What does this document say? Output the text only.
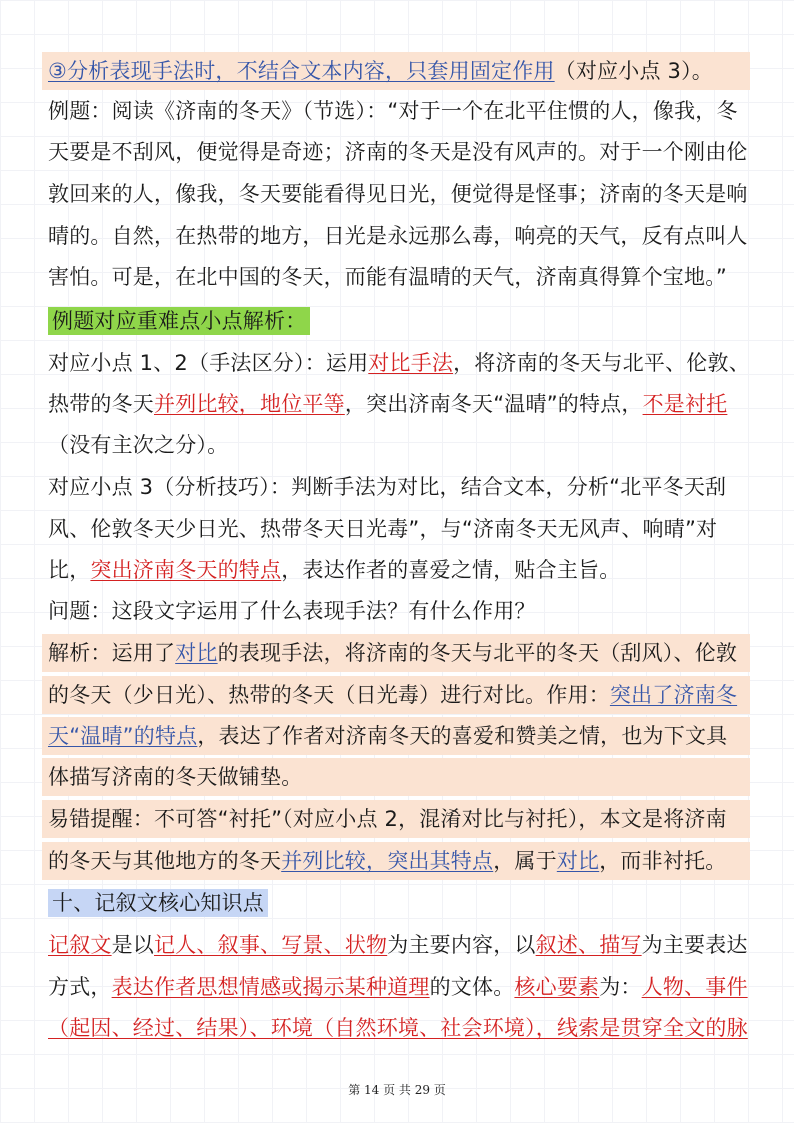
③分析表现手法时，不结合文本内容，只套用固定作用（对应小点 3）。
例题：阅读《济南的冬天》（节选）：“对于一个在北平住惯的人，像我，冬
天要是不刮风，便觉得是奇迹；济南的冬天是没有风声的。对于一个刚由伦
敦回来的人，像我，冬天要能看得见日光，便觉得是怪事；济南的冬天是响
晴的。自然，在热带的地方，日光是永远那么毒，响亮的天气，反有点叫人
害怕。可是，在北中国的冬天，而能有温晴的天气，济南真得算个宝地。”
例题对应重难点小点解析：
对应小点 1、2（手法区分）：运用对比手法，将济南的冬天与北平、伦敦、
热带的冬天并列比较，地位平等，突出济南冬天“温晴”的特点，不是衬托
（没有主次之分）。
对应小点 3（分析技巧）：判断手法为对比，结合文本，分析“北平冬天刮
风、伦敦冬天少日光、热带冬天日光毒”，与“济南冬天无风声、响晴”对
比，突出济南冬天的特点，表达作者的喜爱之情，贴合主旨。
问题：这段文字运用了什么表现手法？有什么作用？
解析：运用了对比的表现手法，将济南的冬天与北平的冬天（刮风）、伦敦
的冬天（少日光）、热带的冬天（日光毒）进行对比。作用：突出了济南冬
天“温晴”的特点，表达了作者对济南冬天的喜爱和赞美之情，也为下文具
体描写济南的冬天做铺垫。
易错提醒：不可答“衬托”（对应小点 2，混淆对比与衬托），本文是将济南
的冬天与其他地方的冬天并列比较，突出其特点，属于对比，而非衬托。
十、记叙文核心知识点
记叙文是以记人、叙事、写景、状物为主要内容，以叙述、描写为主要表达
方式，表达作者思想情感或揭示某种道理的文体。核心要素为：人物、事件
（起因、经过、结果）、环境（自然环境、社会环境），线索是贯穿全文的脉
第 14 页 共 29 页
